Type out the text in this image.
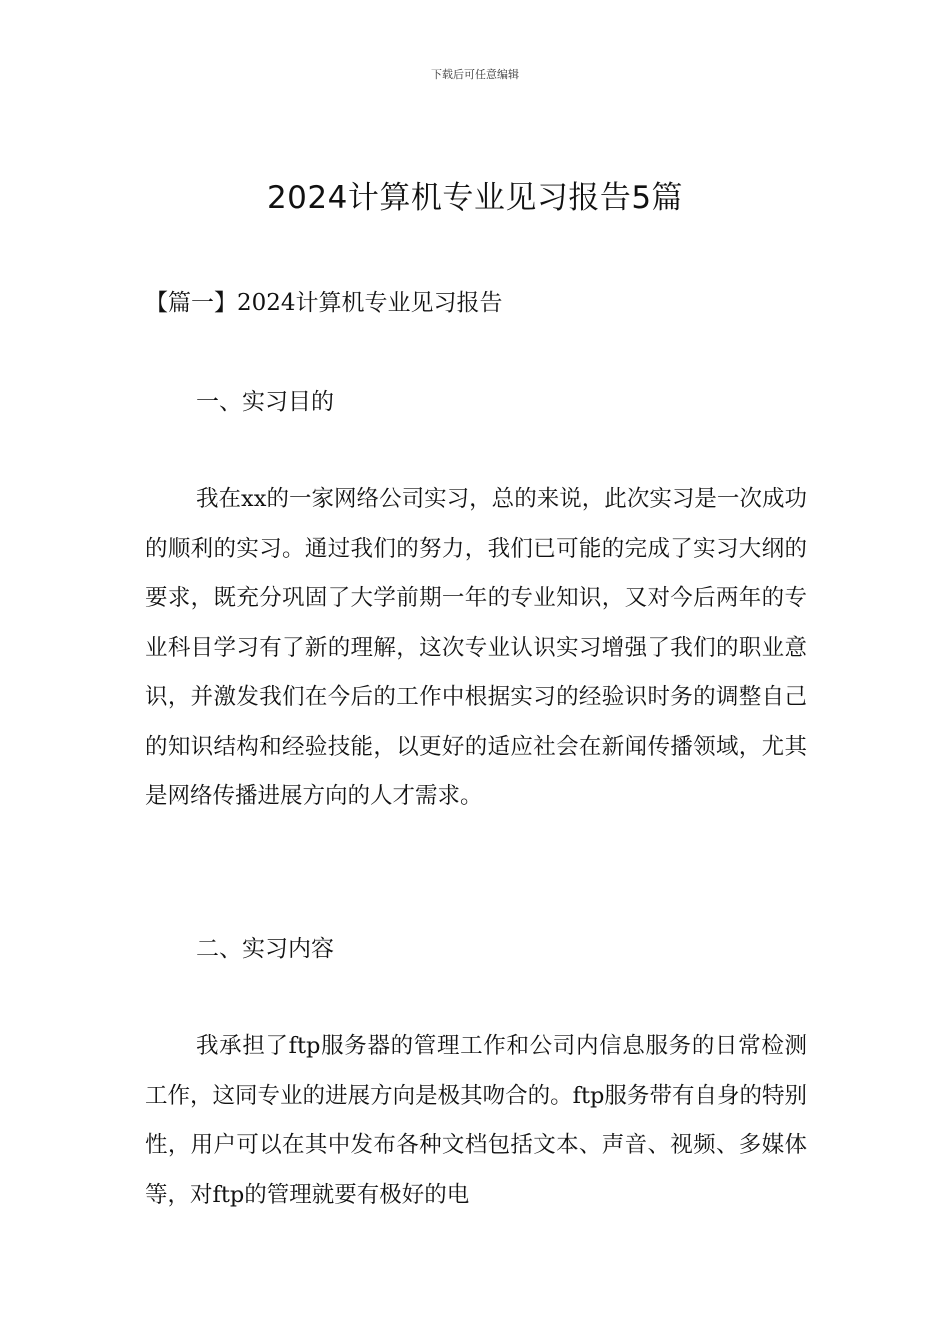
下载后可任意编辑
2024计算机专业见习报告5篇
【篇一】2024计算机专业见习报告
一、实习目的

我在xx的一家网络公司实习，总的来说，此次实习是一次成功的顺利的实习。通过我们的努力，我们已可能的完成了实习大纲的要求，既充分巩固了大学前期一年的专业知识，又对今后两年的专业科目学习有了新的理解，这次专业认识实习增强了我们的职业意识，并激发我们在今后的工作中根据实习的经验识时务的调整自己的知识结构和经验技能，以更好的适应社会在新闻传播领域，尤其是网络传播进展方向的人才需求。

二、实习内容

我承担了ftp服务器的管理工作和公司内信息服务的日常检测工作，这同专业的进展方向是极其吻合的。ftp服务带有自身的特别性，用户可以在其中发布各种文档包括文本、声音、视频、多媒体等，对ftp的管理就要有极好的电
